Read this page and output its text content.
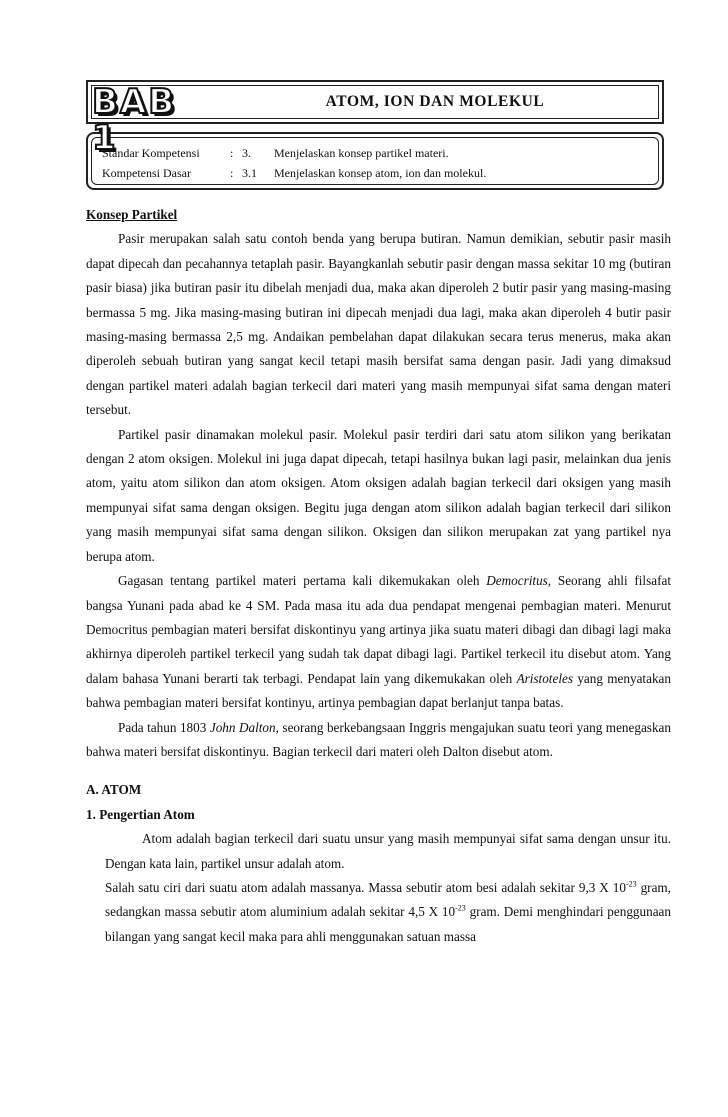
BAB 1
ATOM, ION DAN MOLEKUL
Standar Kompetensi	: 3. Menjelaskan konsep partikel materi.
Kompetensi Dasar	: 3.1 Menjelaskan konsep atom, ion dan molekul.

Konsep Partikel

Pasir merupakan salah satu contoh benda yang berupa butiran. Namun demikian, sebutir pasir masih dapat dipecah dan pecahannya tetaplah pasir. Bayangkanlah sebutir pasir dengan massa sekitar 10 mg (butiran pasir biasa) jika butiran pasir itu dibelah menjadi dua, maka akan diperoleh 2 butir pasir yang masing-masing bermassa 5 mg. Jika masing-masing butiran ini dipecah menjadi dua lagi, maka akan diperoleh 4 butir pasir masing-masing bermassa 2,5 mg. Andaikan pembelahan dapat dilakukan secara terus menerus, maka akan diperoleh sebuah butiran yang sangat kecil tetapi masih bersifat sama dengan pasir. Jadi yang dimaksud dengan partikel materi adalah bagian terkecil dari materi yang masih mempunyai sifat sama dengan materi tersebut.

Partikel pasir dinamakan molekul pasir. Molekul pasir terdiri dari satu atom silikon yang berikatan dengan 2 atom oksigen. Molekul ini juga dapat dipecah, tetapi hasilnya bukan lagi pasir, melainkan dua jenis atom, yaitu atom silikon dan atom oksigen. Atom oksigen adalah bagian terkecil dari oksigen yang masih mempunyai sifat sama dengan oksigen. Begitu juga dengan atom silikon adalah bagian terkecil dari silikon yang masih mempunyai sifat sama dengan silikon. Oksigen dan silikon merupakan zat yang partikel nya berupa atom.

Gagasan tentang partikel materi pertama kali dikemukakan oleh Democritus, Seorang ahli filsafat bangsa Yunani pada abad ke 4 SM. Pada masa itu ada dua pendapat mengenai pembagian materi. Menurut Democritus pembagian materi bersifat diskontinyu yang artinya jika suatu materi dibagi dan dibagi lagi maka akhirnya diperoleh partikel terkecil yang sudah tak dapat dibagi lagi. Partikel terkecil itu disebut atom. Yang dalam bahasa Yunani berarti tak terbagi. Pendapat lain yang dikemukakan oleh Aristoteles yang menyatakan bahwa pembagian materi bersifat kontinyu, artinya pembagian dapat berlanjut tanpa batas.

Pada tahun 1803 John Dalton, seorang berkebangsaan Inggris mengajukan suatu teori yang menegaskan bahwa materi bersifat diskontinyu. Bagian terkecil dari materi oleh Dalton disebut atom.

A. ATOM

1. Pengertian Atom

Atom adalah bagian terkecil dari suatu unsur yang masih mempunyai sifat sama dengan unsur itu. Dengan kata lain, partikel unsur adalah atom.

Salah satu ciri dari suatu atom adalah massanya. Massa sebutir atom besi adalah sekitar 9,3 X $10^{-23}$ gram, sedangkan massa sebutir atom aluminium adalah sekitar 4,5 X $10^{-23}$ gram. Demi menghindari penggunaan bilangan yang sangat kecil maka para ahli menggunakan satuan massa
